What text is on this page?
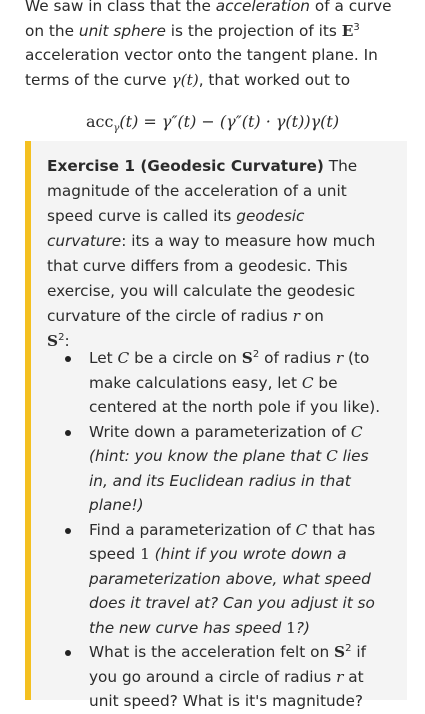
We saw in class that the acceleration of a curve on the unit sphere is the projection of its $E^3$ acceleration vector onto the tangent plane. In terms of the curve γ(t), that worked out to

acc$_\gamma$(t) = γ″(t) − (γ″(t) · γ(t))γ(t)

Exercise 1 (Geodesic Curvature) The magnitude of the acceleration of a unit speed curve is called its geodesic curvature: its a way to measure how much that curve differs from a geodesic. This exercise, you will calculate the geodesic curvature of the circle of radius r on
$S^2$:

Let C be a circle on $S^2$ of radius r (to make calculations easy, let C be centered at the north pole if you like).
Write down a parameterization of C (hint: you know the plane that C lies in, and its Euclidean radius in that plane!)
Find a parameterization of C that has speed 1 (hint if you wrote down a parameterization above, what speed does it travel at? Can you adjust it so the new curve has speed 1?)
What is the acceleration felt on $S^2$ if you go around a circle of radius r at unit speed? What is it's magnitude?
